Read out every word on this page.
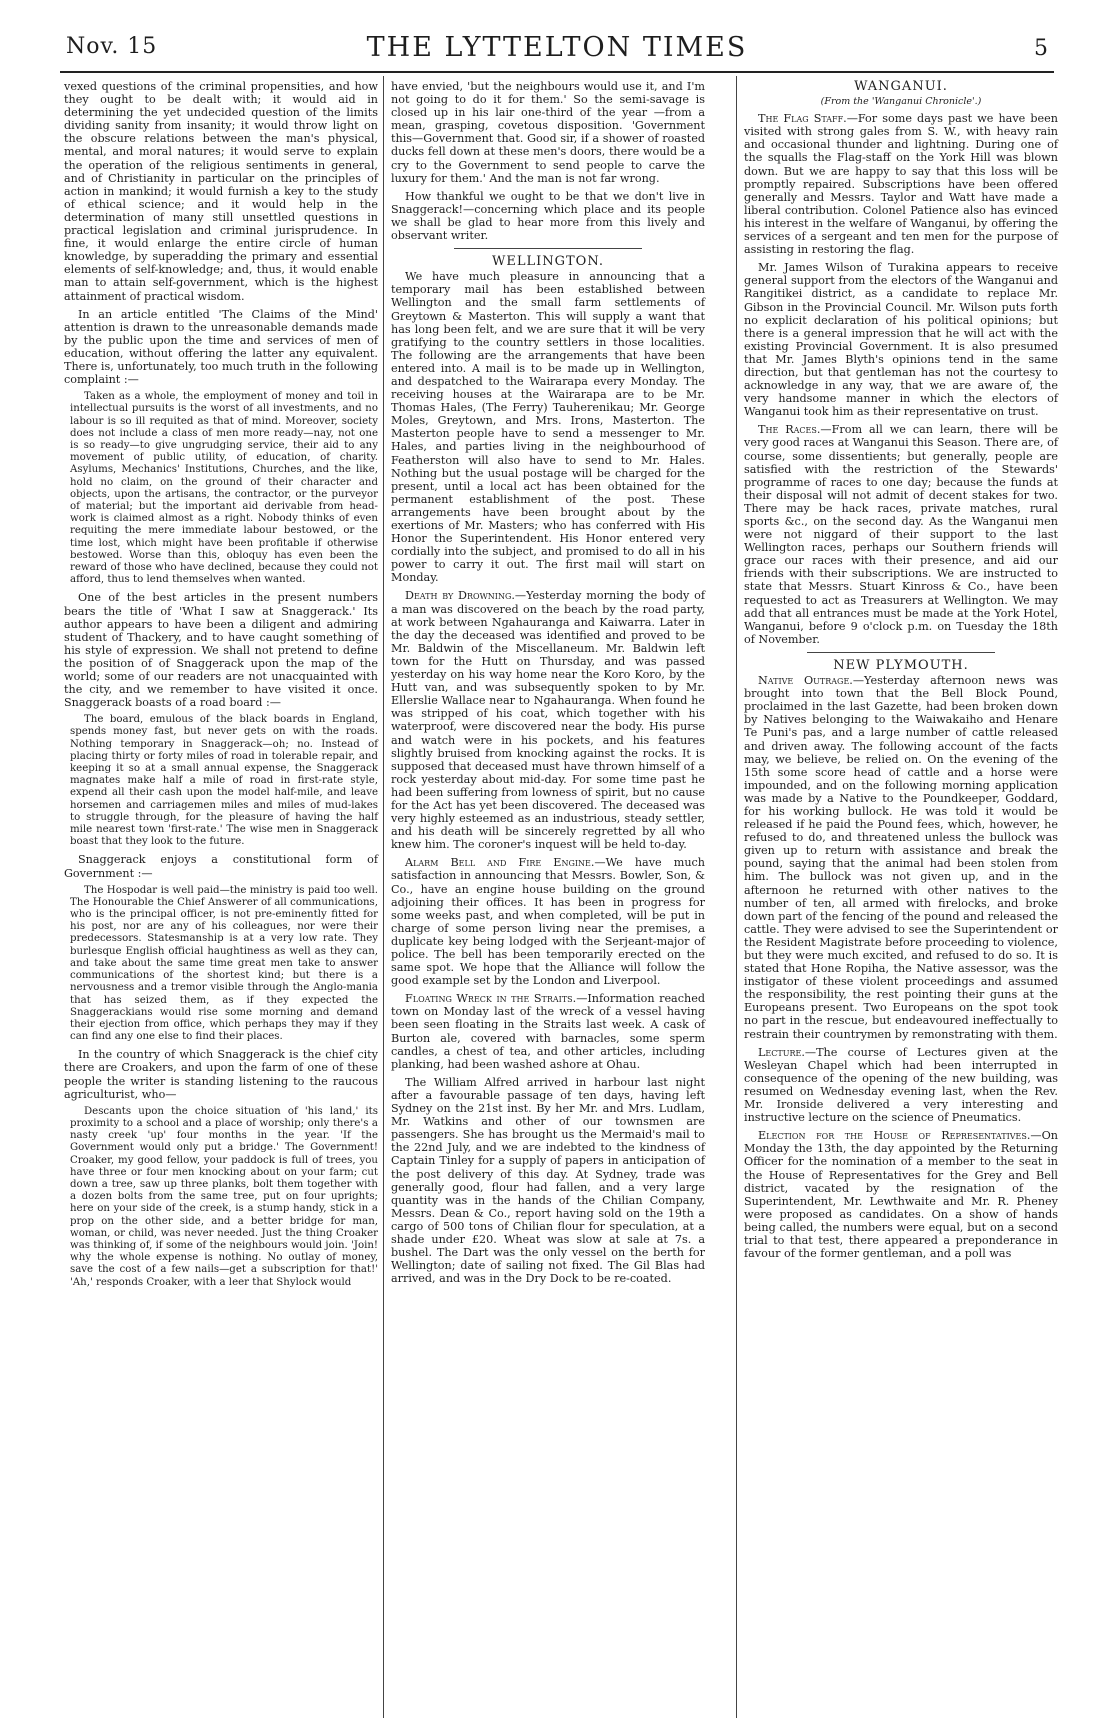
Nov. 15	THE LYTTELTON TIMES	5

vexed questions of the criminal propensities, and how they ought to be dealt with; it would aid in determining the yet undecided question of the limits dividing sanity from insanity; it would throw light on the obscure relations between the man's physical, mental, and moral natures; it would serve to explain the operation of the religious sentiments in general, and of Christianity in particular on the principles of action in mankind; it would furnish a key to the study of ethical science; and it would help in the determination of many still unsettled questions in practical legislation and criminal jurisprudence. In fine, it would enlarge the entire circle of human knowledge, by superadding the primary and essential elements of self-knowledge; and, thus, it would enable man to attain self-government, which is the highest attainment of practical wisdom.

In an article entitled 'The Claims of the Mind' attention is drawn to the unreasonable demands made by the public upon the time and services of men of education, without offering the latter any equivalent. There is, unfortunately, too much truth in the following complaint :—

Taken as a whole, the employment of money and toil in intellectual pursuits is the worst of all investments, and no labour is so ill requited as that of mind. Moreover, society does not include a class of men more ready—nay, not one is so ready—to give ungrudging service, their aid to any movement of public utility, of education, of charity. Asylums, Mechanics' Institutions, Churches, and the like, hold no claim, on the ground of their character and objects, upon the artisans, the contractor, or the purveyor of material; but the important aid derivable from head-work is claimed almost as a right. Nobody thinks of even requiting the mere immediate labour bestowed, or the time lost, which might have been profitable if otherwise bestowed. Worse than this, obloquy has even been the reward of those who have declined, because they could not afford, thus to lend themselves when wanted.

One of the best articles in the present numbers bears the title of 'What I saw at Snaggerack.' Its author appears to have been a diligent and admiring student of Thackery, and to have caught something of his style of expression. We shall not pretend to define the position of of Snaggerack upon the map of the world; some of our readers are not unacquainted with the city, and we remember to have visited it once. Snaggerack boasts of a road board :—

The board, emulous of the black boards in England, spends money fast, but never gets on with the roads. Nothing temporary in Snaggerack—oh; no. Instead of placing thirty or forty miles of road in tolerable repair, and keeping it so at a small annual expense, the Snaggerack magnates make half a mile of road in first-rate style, expend all their cash upon the model half-mile, and leave horsemen and carriagemen miles and miles of mud-lakes to struggle through, for the pleasure of having the half mile nearest town 'first-rate.' The wise men in Snaggerack boast that they look to the future.

Snaggerack enjoys a constitutional form of Government :—

The Hospodar is well paid—the ministry is paid too well. The Honourable the Chief Answerer of all communications, who is the principal officer, is not pre-eminently fitted for his post, nor are any of his colleagues, nor were their predecessors. Statesmanship is at a very low rate. They burlesque English official haughtiness as well as they can, and take about the same time great men take to answer communications of the shortest kind; but there is a nervousness and a tremor visible through the Anglo-mania that has seized them, as if they expected the Snaggerackians would rise some morning and demand their ejection from office, which perhaps they may if they can find any one else to find their places.

In the country of which Snaggerack is the chief city there are Croakers, and upon the farm of one of these people the writer is standing listening to the raucous agriculturist, who—

Descants upon the choice situation of 'his land,' its proximity to a school and a place of worship; only there's a nasty creek 'up' four months in the year. 'If the Government would only put a bridge.' The Government! Croaker, my good fellow, your paddock is full of trees, you have three or four men knocking about on your farm; cut down a tree, saw up three planks, bolt them together with a dozen bolts from the same tree, put on four uprights; here on your side of the creek, is a stump handy, stick in a prop on the other side, and a better bridge for man, woman, or child, was never needed. Just the thing Croaker was thinking of, if some of the neighbours would join. 'Join! why the whole expense is nothing. No outlay of money, save the cost of a few nails—get a subscription for that!' 'Ah,' responds Croaker, with a leer that Shylock would

have envied, 'but the neighbours would use it, and I'm not going to do it for them.' So the semi-savage is closed up in his lair one-third of the year —from a mean, grasping, covetous disposition. 'Government this—Government that. Good sir, if a shower of roasted ducks fell down at these men's doors, there would be a cry to the Government to send people to carve the luxury for them.' And the man is not far wrong.

How thankful we ought to be that we don't live in Snaggerack!—concerning which place and its people we shall be glad to hear more from this lively and observant writer.

WELLINGTON.

We have much pleasure in announcing that a temporary mail has been established between Wellington and the small farm settlements of Greytown & Masterton. This will supply a want that has long been felt, and we are sure that it will be very gratifying to the country settlers in those localities. The following are the arrangements that have been entered into. A mail is to be made up in Wellington, and despatched to the Wairarapa every Monday. The receiving houses at the Wairarapa are to be Mr. Thomas Hales, (The Ferry) Tauherenikau; Mr. George Moles, Greytown, and Mrs. Irons, Masterton. The Masterton people have to send a messenger to Mr. Hales, and parties living in the neighbourhood of Featherston will also have to send to Mr. Hales. Nothing but the usual postage will be charged for the present, until a local act has been obtained for the permanent establishment of the post. These arrangements have been brought about by the exertions of Mr. Masters; who has conferred with His Honor the Superintendent. His Honor entered very cordially into the subject, and promised to do all in his power to carry it out. The first mail will start on Monday.

Death by Drowning.—Yesterday morning the body of a man was discovered on the beach by the road party, at work between Ngahauranga and Kaiwarra. Later in the day the deceased was identified and proved to be Mr. Baldwin of the Miscellaneum. Mr. Baldwin left town for the Hutt on Thursday, and was passed yesterday on his way home near the Koro Koro, by the Hutt van, and was subsequently spoken to by Mr. Ellerslie Wallace near to Ngahauranga. When found he was stripped of his coat, which together with his waterproof, were discovered near the body. His purse and watch were in his pockets, and his features slightly bruised from knocking against the rocks. It is supposed that deceased must have thrown himself of a rock yesterday about mid-day. For some time past he had been suffering from lowness of spirit, but no cause for the Act has yet been discovered. The deceased was very highly esteemed as an industrious, steady settler, and his death will be sincerely regretted by all who knew him. The coroner's inquest will be held to-day.

Alarm Bell and Fire Engine.—We have much satisfaction in announcing that Messrs. Bowler, Son, & Co., have an engine house building on the ground adjoining their offices. It has been in progress for some weeks past, and when completed, will be put in charge of some person living near the premises, a duplicate key being lodged with the Serjeant-major of police. The bell has been temporarily erected on the same spot. We hope that the Alliance will follow the good example set by the London and Liverpool.

Floating Wreck in the Straits.—Information reached town on Monday last of the wreck of a vessel having been seen floating in the Straits last week. A cask of Burton ale, covered with barnacles, some sperm candles, a chest of tea, and other articles, including planking, had been washed ashore at Ohau.

The William Alfred arrived in harbour last night after a favourable passage of ten days, having left Sydney on the 21st inst. By her Mr. and Mrs. Ludlam, Mr. Watkins and other of our townsmen are passengers. She has brought us the Mermaid's mail to the 22nd July, and we are indebted to the kindness of Captain Tinley for a supply of papers in anticipation of the post delivery of this day. At Sydney, trade was generally good, flour had fallen, and a very large quantity was in the hands of the Chilian Company, Messrs. Dean & Co., report having sold on the 19th a cargo of 500 tons of Chilian flour for speculation, at a shade under £20. Wheat was slow at sale at 7s. a bushel. The Dart was the only vessel on the berth for Wellington; date of sailing not fixed. The Gil Blas had arrived, and was in the Dry Dock to be re-coated.

WANGANUI.

(From the 'Wanganui Chronicle'.)

The Flag Staff.—For some days past we have been visited with strong gales from S. W., with heavy rain and occasional thunder and lightning. During one of the squalls the Flag-staff on the York Hill was blown down. But we are happy to say that this loss will be promptly repaired. Subscriptions have been offered generally and Messrs. Taylor and Watt have made a liberal contribution. Colonel Patience also has evinced his interest in the welfare of Wanganui, by offering the services of a sergeant and ten men for the purpose of assisting in restoring the flag.

Mr. James Wilson of Turakina appears to receive general support from the electors of the Wanganui and Rangitikei district, as a candidate to replace Mr. Gibson in the Provincial Council. Mr. Wilson puts forth no explicit declaration of his political opinions; but there is a general impression that he will act with the existing Provincial Government. It is also presumed that Mr. James Blyth's opinions tend in the same direction, but that gentleman has not the courtesy to acknowledge in any way, that we are aware of, the very handsome manner in which the electors of Wanganui took him as their representative on trust.

The Races.—From all we can learn, there will be very good races at Wanganui this Season. There are, of course, some dissentients; but generally, people are satisfied with the restriction of the Stewards' programme of races to one day; because the funds at their disposal will not admit of decent stakes for two. There may be hack races, private matches, rural sports &c., on the second day. As the Wanganui men were not niggard of their support to the last Wellington races, perhaps our Southern friends will grace our races with their presence, and aid our friends with their subscriptions. We are instructed to state that Messrs. Stuart Kinross & Co., have been requested to act as Treasurers at Wellington. We may add that all entrances must be made at the York Hotel, Wanganui, before 9 o'clock p.m. on Tuesday the 18th of November.

NEW PLYMOUTH.

Native Outrage.—Yesterday afternoon news was brought into town that the Bell Block Pound, proclaimed in the last Gazette, had been broken down by Natives belonging to the Waiwakaiho and Henare Te Puni's pas, and a large number of cattle released and driven away. The following account of the facts may, we believe, be relied on. On the evening of the 15th some score head of cattle and a horse were impounded, and on the following morning application was made by a Native to the Poundkeeper, Goddard, for his working bullock. He was told it would be released if he paid the Pound fees, which, however, he refused to do, and threatened unless the bullock was given up to return with assistance and break the pound, saying that the animal had been stolen from him. The bullock was not given up, and in the afternoon he returned with other natives to the number of ten, all armed with firelocks, and broke down part of the fencing of the pound and released the cattle. They were advised to see the Superintendent or the Resident Magistrate before proceeding to violence, but they were much excited, and refused to do so. It is stated that Hone Ropiha, the Native assessor, was the instigator of these violent proceedings and assumed the responsibility, the rest pointing their guns at the Europeans present. Two Europeans on the spot took no part in the rescue, but endeavoured ineffectually to restrain their countrymen by remonstrating with them.

Lecture.—The course of Lectures given at the Wesleyan Chapel which had been interrupted in consequence of the opening of the new building, was resumed on Wednesday evening last, when the Rev. Mr. Ironside delivered a very interesting and instructive lecture on the science of Pneumatics.

Election for the House of Representatives.—On Monday the 13th, the day appointed by the Returning Officer for the nomination of a member to the seat in the House of Representatives for the Grey and Bell district, vacated by the resignation of the Superintendent, Mr. Lewthwaite and Mr. R. Pheney were proposed as candidates. On a show of hands being called, the numbers were equal, but on a second trial to that test, there appeared a preponderance in favour of the former gentleman, and a poll was
